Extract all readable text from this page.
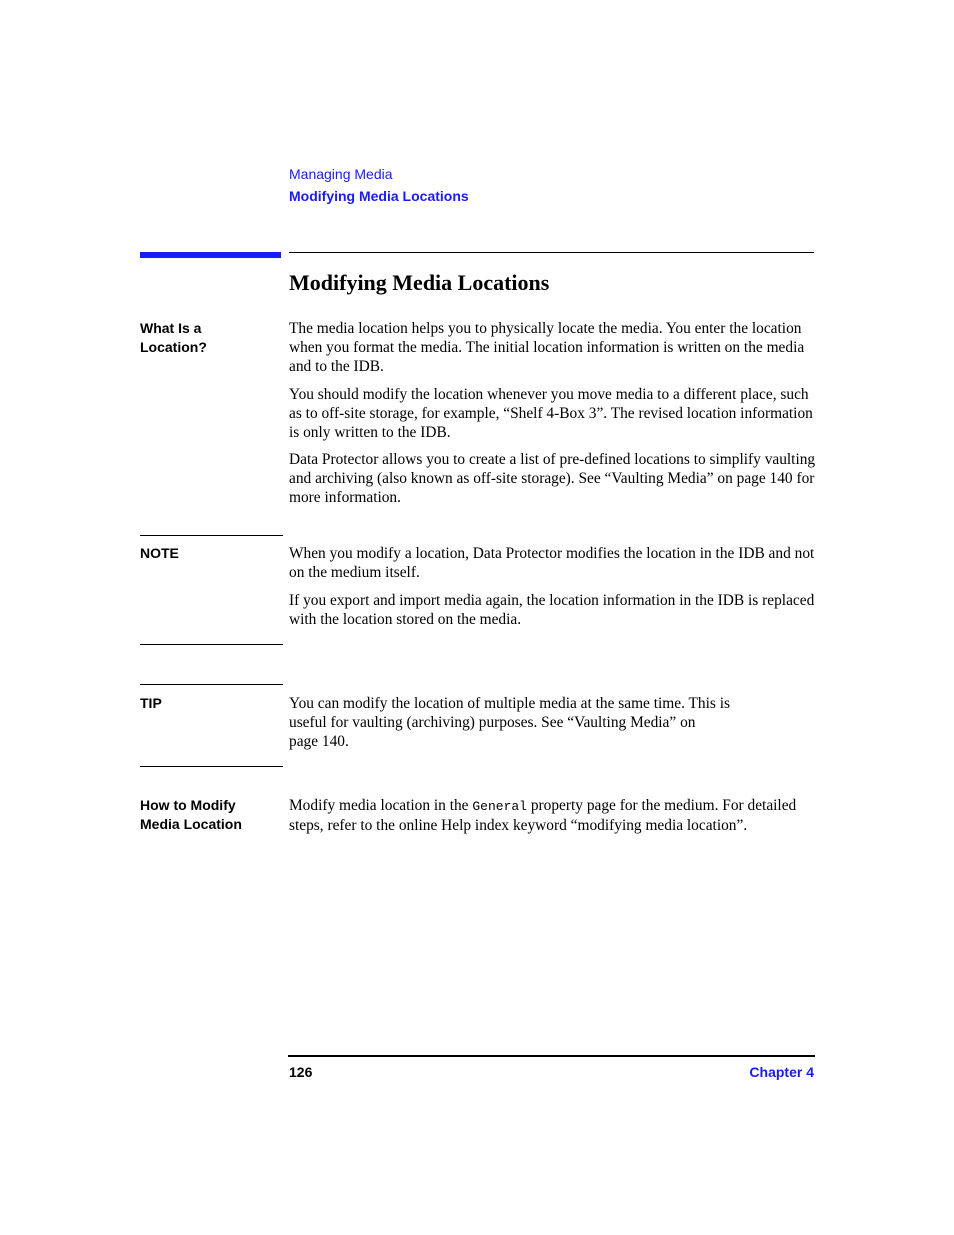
Managing Media
Modifying Media Locations
Modifying Media Locations
What Is a
Location?

The media location helps you to physically locate the media. You enter the location when you format the media. The initial location information is written on the media and to the IDB.

You should modify the location whenever you move media to a different place, such as to off-site storage, for example, “Shelf 4-Box 3”. The revised location information is only written to the IDB.

Data Protector allows you to create a list of pre-defined locations to simplify vaulting and archiving (also known as off-site storage). See “Vaulting Media” on page 140 for more information.

NOTE	When you modify a location, Data Protector modifies the location in the IDB and not on the medium itself.

If you export and import media again, the location information in the IDB is replaced with the location stored on the media.

TIP	You can modify the location of multiple media at the same time. This is
useful for vaulting (archiving) purposes. See “Vaulting Media” on
page 140.
How to Modify
Media Location

Modify media location in the General property page for the medium. For detailed steps, refer to the online Help index keyword “modifying media location”.

126	Chapter 4
